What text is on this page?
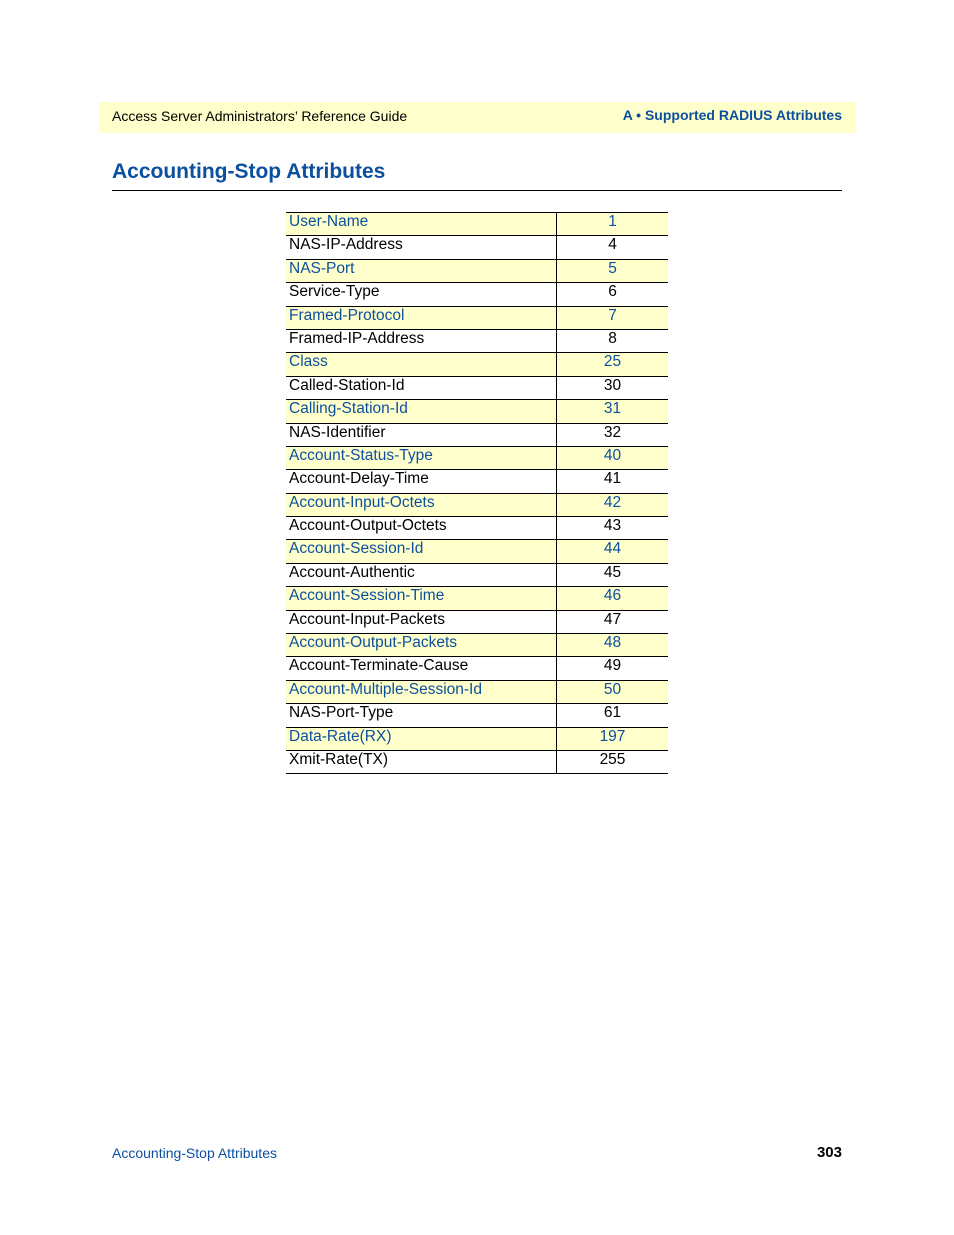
Access Server Administrators’ Reference Guide	A • Supported RADIUS Attributes
Accounting-Stop Attributes
User-Name	1
NAS-IP-Address	4
NAS-Port	5
Service-Type	6
Framed-Protocol	7
Framed-IP-Address	8
Class	25
Called-Station-Id	30
Calling-Station-Id	31
NAS-Identifier	32
Account-Status-Type	40
Account-Delay-Time	41
Account-Input-Octets	42
Account-Output-Octets	43
Account-Session-Id	44
Account-Authentic	45
Account-Session-Time	46
Account-Input-Packets	47
Account-Output-Packets	48
Account-Terminate-Cause	49
Account-Multiple-Session-Id	50
NAS-Port-Type	61
Data-Rate(RX)	197
Xmit-Rate(TX)	255
Accounting-Stop Attributes	303
